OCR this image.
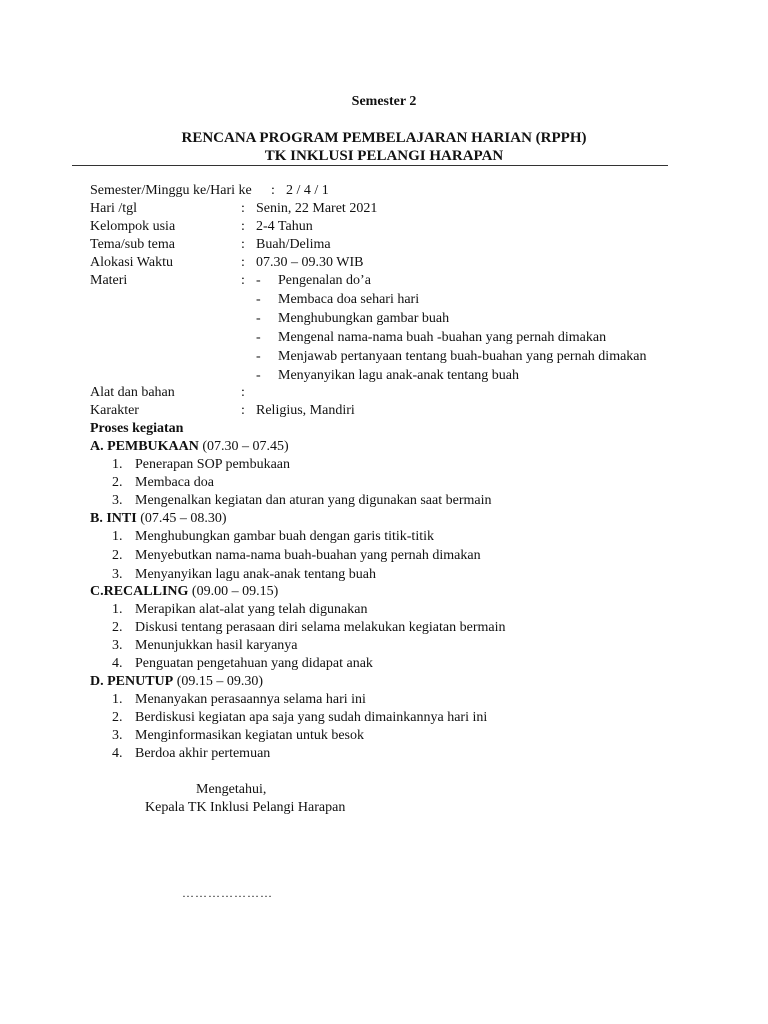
Semester 2
RENCANA PROGRAM PEMBELAJARAN HARIAN (RPPH)
TK INKLUSI PELANGI HARAPAN
Semester/Minggu ke/Hari ke : 2 / 4 / 1
Hari /tgl	: Senin, 22 Maret 2021
Kelompok usia	: 2-4 Tahun
Tema/sub tema	: Buah/Delima
Alokasi Waktu	: 07.30 – 09.30 WIB
Materi	: - Pengenalan do’a
- Membaca doa sehari hari
- Menghubungkan gambar buah
- Mengenal nama-nama buah -buahan yang pernah dimakan
- Menjawab pertanyaan tentang buah-buahan yang pernah dimakan
- Menyanyikan lagu anak-anak tentang buah
Alat dan bahan	:
Karakter	: Religius, Mandiri
Proses kegiatan
A. PEMBUKAAN (07.30 – 07.45)
1. Penerapan SOP pembukaan
2. Membaca doa
3. Mengenalkan kegiatan dan aturan yang digunakan saat bermain
B. INTI (07.45 – 08.30)
1. Menghubungkan gambar buah dengan garis titik-titik
2. Menyebutkan nama-nama buah-buahan yang pernah dimakan
3. Menyanyikan lagu anak-anak tentang buah
C.RECALLING (09.00 – 09.15)
1. Merapikan alat-alat yang telah digunakan
2. Diskusi tentang perasaan diri selama melakukan kegiatan bermain
3. Menunjukkan hasil karyanya
4. Penguatan pengetahuan yang didapat anak
D. PENUTUP (09.15 – 09.30)
1. Menanyakan perasaannya selama hari ini
2. Berdiskusi kegiatan apa saja yang sudah dimainkannya hari ini
3. Menginformasikan kegiatan untuk besok
4. Berdoa akhir pertemuan
Mengetahui,
Kepala TK Inklusi Pelangi Harapan
…………………
